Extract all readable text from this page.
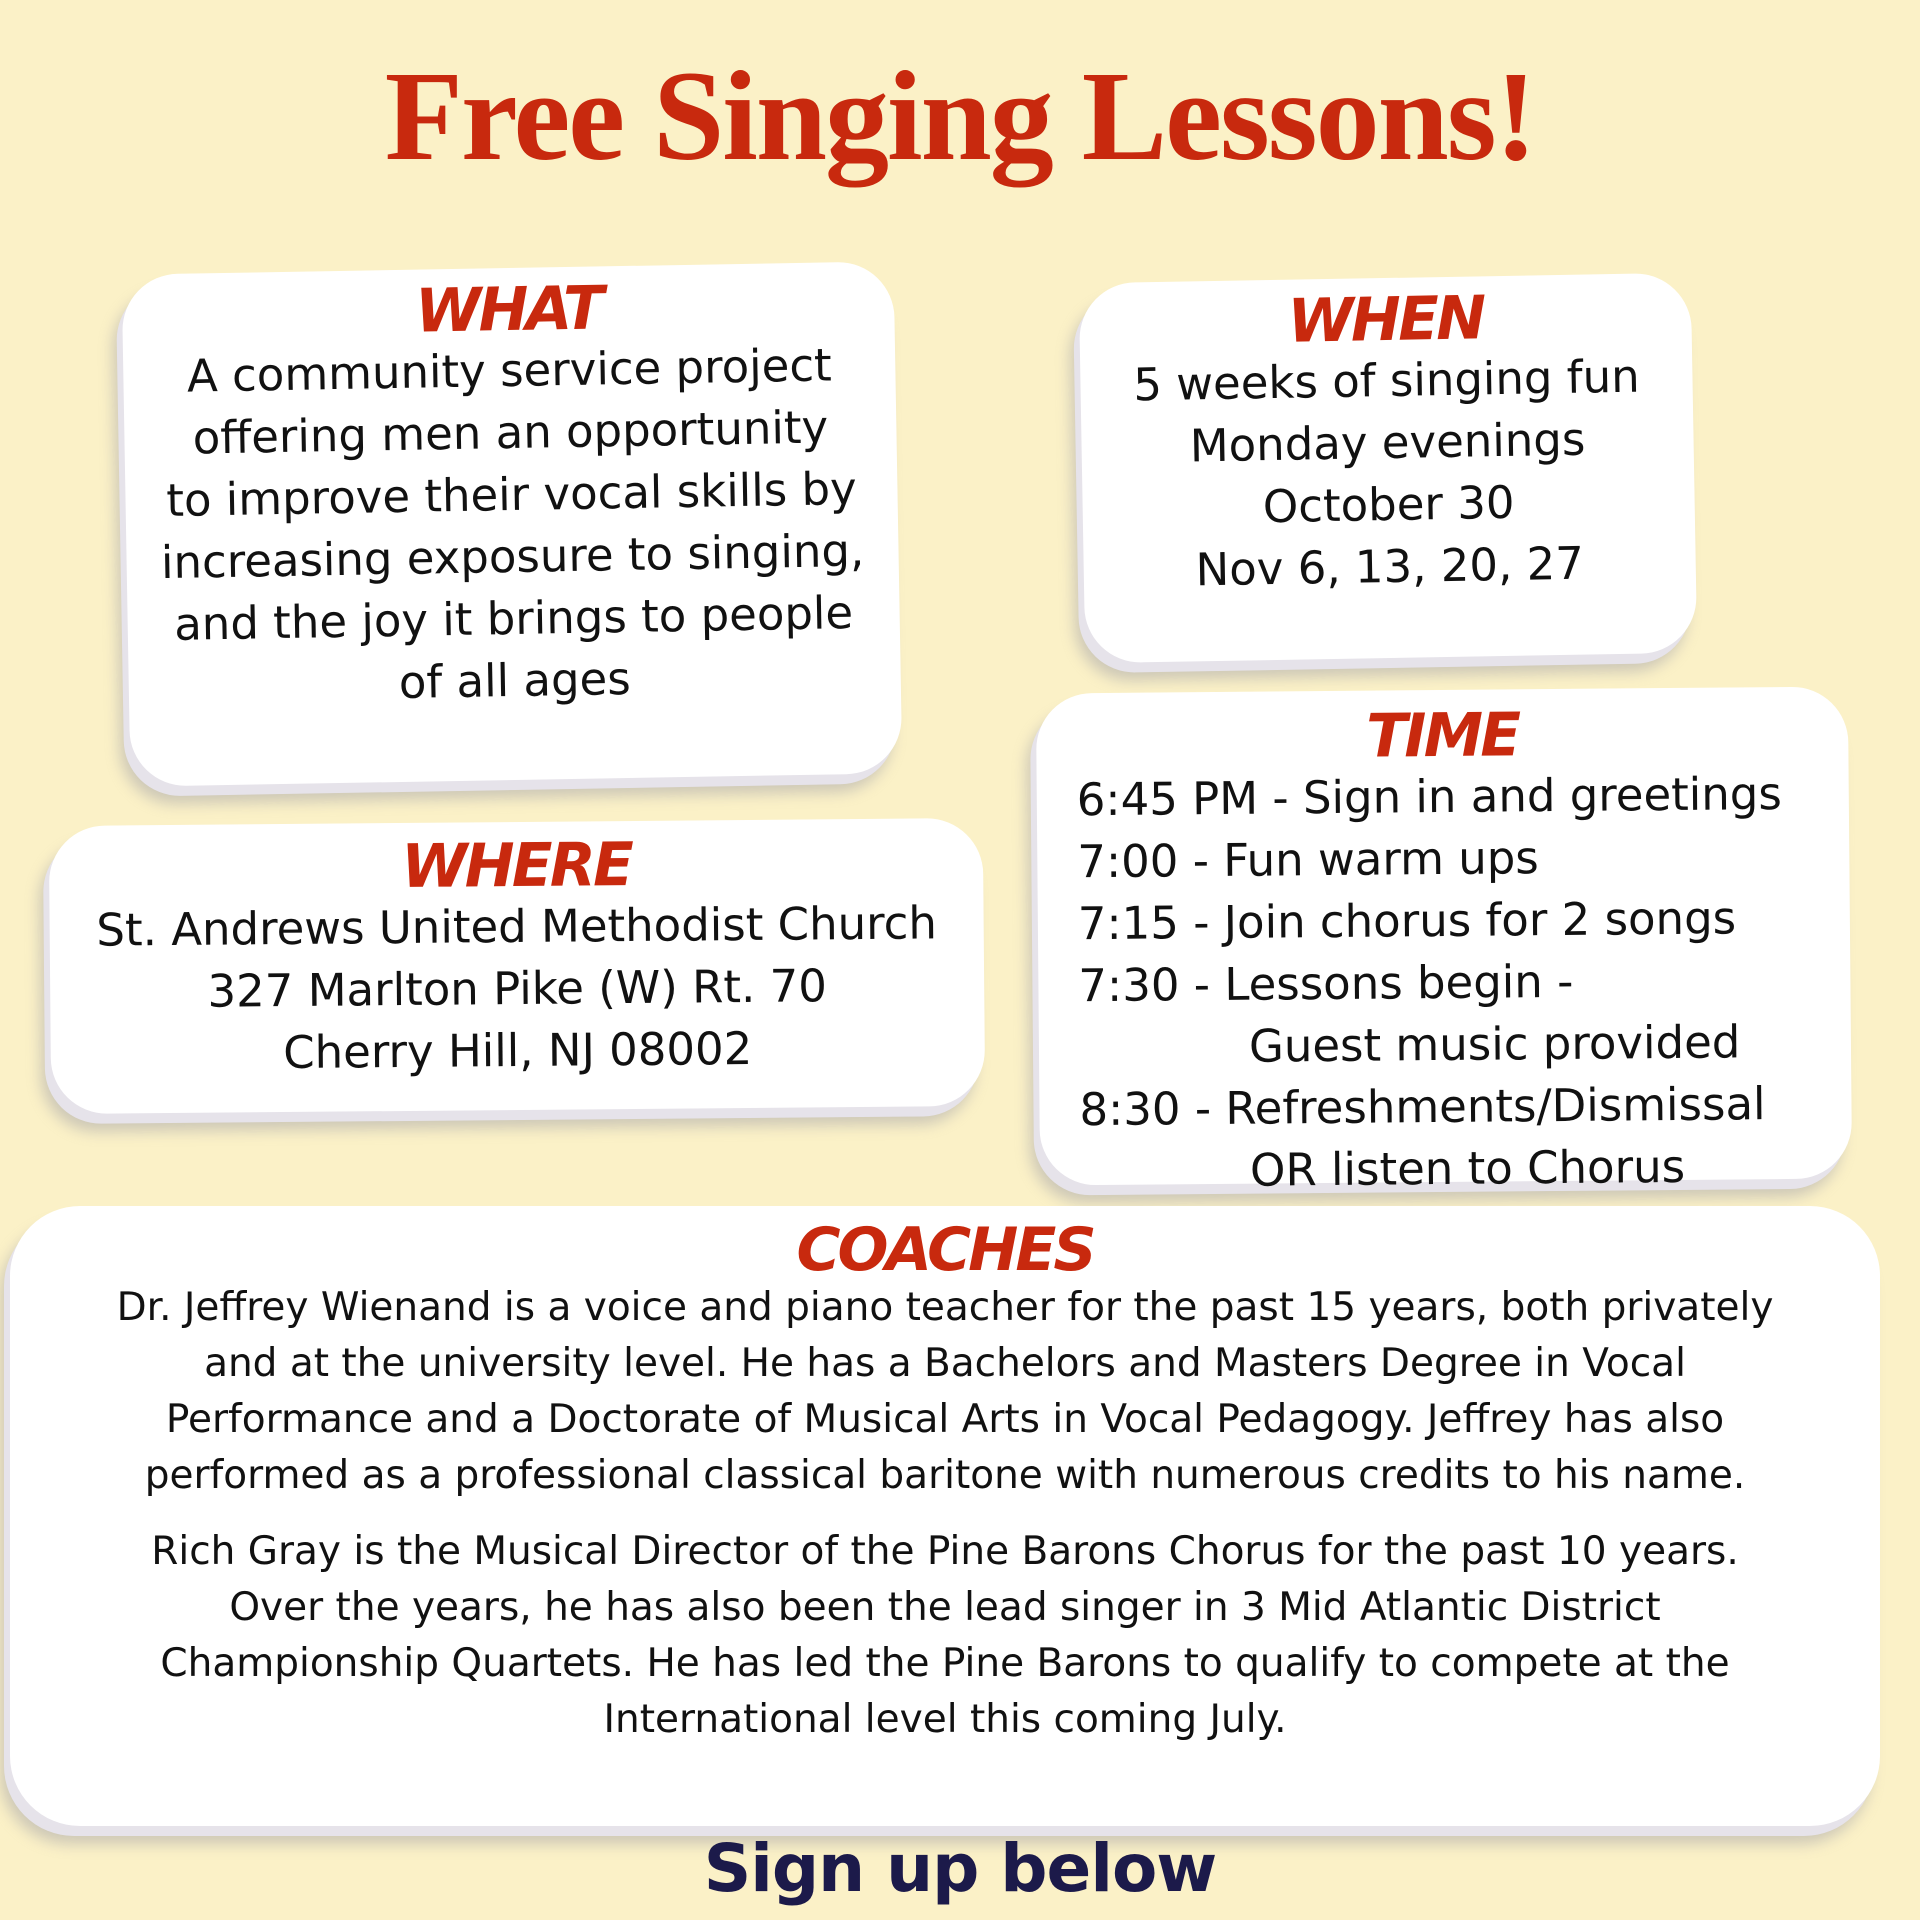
Free Singing Lessons!
WHAT
A community service project
offering men an opportunity
to improve their vocal skills by
increasing exposure to singing,
and the joy it brings to people
of all ages
WHEN
5 weeks of singing fun
Monday evenings
October 30
Nov 6, 13, 20, 27
WHERE
St. Andrews United Methodist Church
327 Marlton Pike (W) Rt. 70
Cherry Hill, NJ 08002
TIME
6:45 PM - Sign in and greetings
7:00 - Fun warm ups
7:15 - Join chorus for 2 songs
7:30 - Lessons begin -
Guest music provided
8:30 - Refreshments/Dismissal
OR listen to Chorus
COACHES
Dr. Jeffrey Wienand is a voice and piano teacher for the past 15 years, both privately
and at the university level. He has a Bachelors and Masters Degree in Vocal
Performance and a Doctorate of Musical Arts in Vocal Pedagogy. Jeffrey has also
performed as a professional classical baritone with numerous credits to his name.
Rich Gray is the Musical Director of the Pine Barons Chorus for the past 10 years.
Over the years, he has also been the lead singer in 3 Mid Atlantic District
Championship Quartets. He has led the Pine Barons to qualify to compete at the
International level this coming July.

Sign up below
